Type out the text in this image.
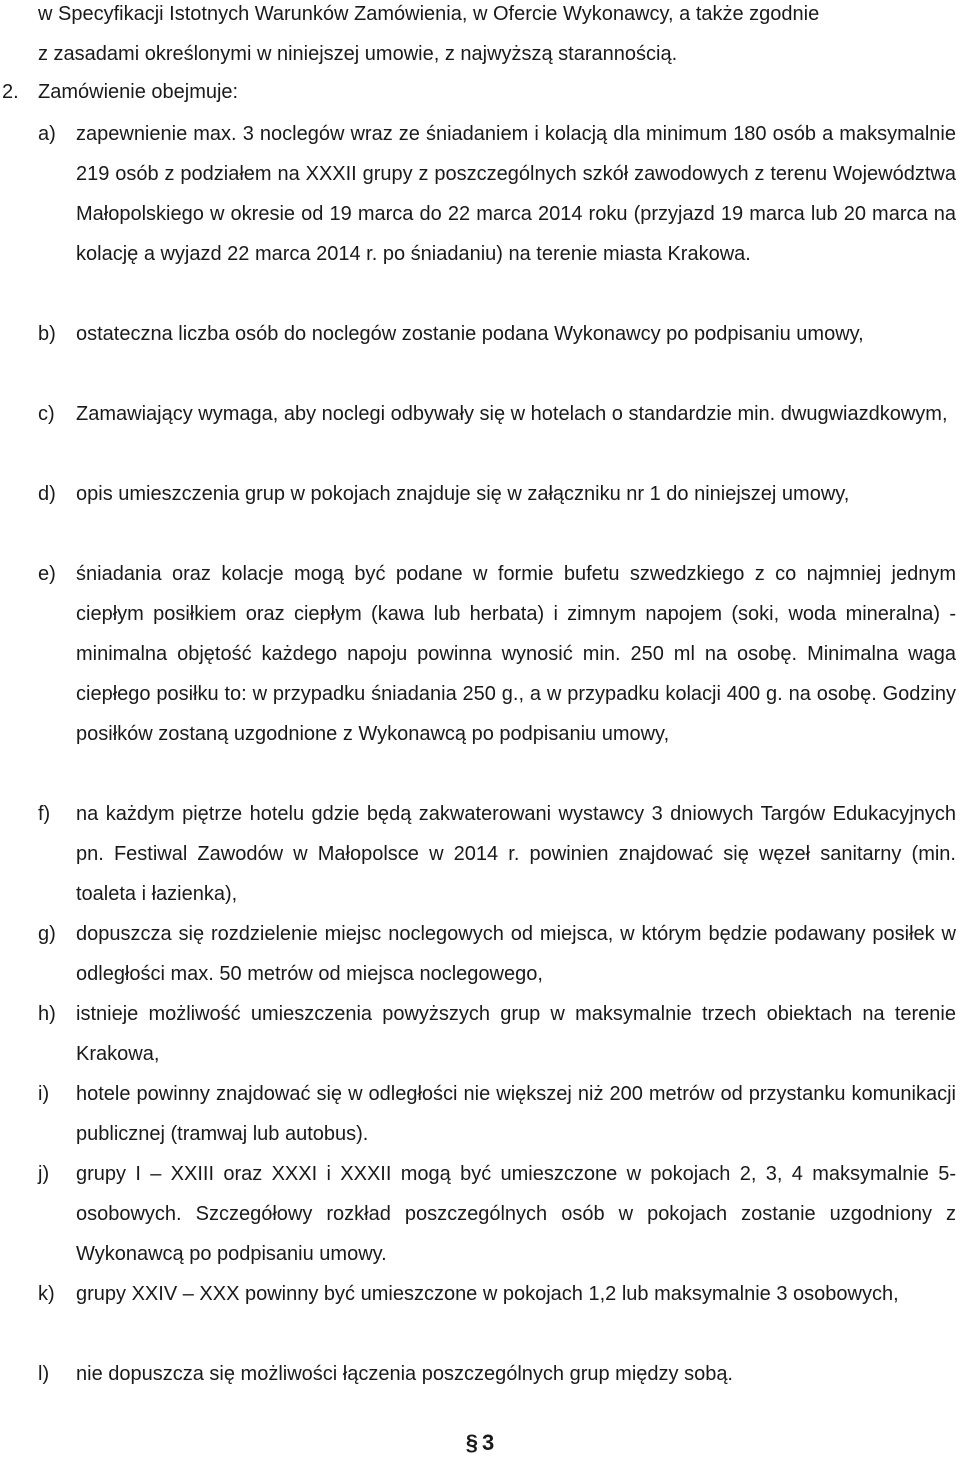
w Specyfikacji Istotnych Warunków Zamówienia, w Ofercie Wykonawcy, a także zgodnie

z zasadami określonymi w niniejszej umowie, z najwyższą starannością.

2. Zamówienie obejmuje:
a) zapewnienie max. 3 noclegów wraz ze śniadaniem i kolacją dla minimum 180 osób a maksymalnie 219 osób z podziałem na XXXII grupy z poszczególnych szkół zawodowych z terenu Województwa Małopolskiego w okresie od 19 marca do 22 marca 2014 roku (przyjazd 19 marca lub 20 marca na kolację a wyjazd 22 marca 2014 r. po śniadaniu) na terenie miasta Krakowa.
b) ostateczna liczba osób do noclegów zostanie podana Wykonawcy po podpisaniu umowy,
c) Zamawiający wymaga, aby noclegi odbywały się w hotelach o standardzie min. dwugwiazdkowym,
d) opis umieszczenia grup w pokojach znajduje się w załączniku nr 1 do niniejszej umowy,
e) śniadania oraz kolacje mogą być podane w formie bufetu szwedzkiego z co najmniej jednym ciepłym posiłkiem oraz ciepłym (kawa lub herbata) i zimnym napojem (soki, woda mineralna) - minimalna objętość każdego napoju powinna wynosić min. 250 ml na osobę. Minimalna waga ciepłego posiłku to: w przypadku śniadania 250 g., a w przypadku kolacji 400 g. na osobę. Godziny posiłków zostaną uzgodnione z Wykonawcą po podpisaniu umowy,
f) na każdym piętrze hotelu gdzie będą zakwaterowani wystawcy 3 dniowych Targów Edukacyjnych pn. Festiwal Zawodów w Małopolsce w 2014 r. powinien znajdować się węzeł sanitarny (min. toaleta i łazienka),
g) dopuszcza się rozdzielenie miejsc noclegowych od miejsca, w którym będzie podawany posiłek w odległości max. 50 metrów od miejsca noclegowego,
h) istnieje możliwość umieszczenia powyższych grup w maksymalnie trzech obiektach na terenie Krakowa,
i) hotele powinny znajdować się w odległości nie większej niż 200 metrów od przystanku komunikacji publicznej (tramwaj lub autobus).
j) grupy I – XXIII oraz XXXI i XXXII mogą być umieszczone w pokojach 2, 3, 4 maksymalnie 5-osobowych. Szczegółowy rozkład poszczególnych osób w pokojach zostanie uzgodniony z Wykonawcą po podpisaniu umowy.
k) grupy XXIV – XXX powinny być umieszczone w pokojach 1,2 lub maksymalnie 3 osobowych,
l) nie dopuszcza się możliwości łączenia poszczególnych grup między sobą.
§ 3
